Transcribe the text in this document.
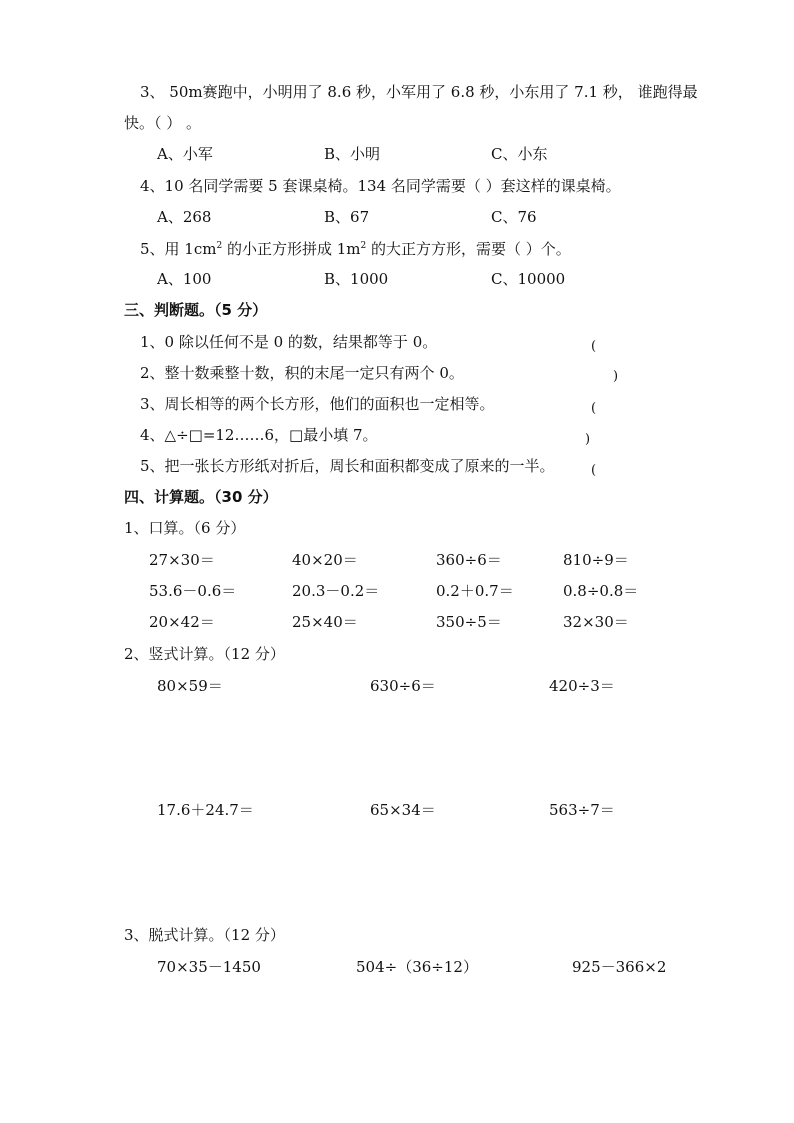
3、 50m赛跑中，小明用了 8.6 秒，小军用了 6.8 秒，小东用了 7.1 秒， 谁跑得最
快。（ ） 。
A、小军	B、小明	C、小东
4、10 名同学需要 5 套课桌椅。134 名同学需要（ ）套这样的课桌椅。
A、268	B、67	C、76
5、用 $1cm^2$ 的小正方形拼成 $1m^2$ 的大正方方形，需要（ ）个。
A、100	B、1000	C、10000
三、判断题。（5 分）
1、0 除以任何不是 0 的数，结果都等于 0。	(
2、整十数乘整十数，积的末尾一定只有两个 0。	)
3、周长相等的两个长方形，他们的面积也一定相等。	(
4、△÷□=12……6，□最小填 7。	)
5、把一张长方形纸对折后，周长和面积都变成了原来的一半。	(
四、计算题。（30 分）
1、口算。（6 分）
27×30＝	40×20＝	360÷6＝	810÷9＝
53.6－0.6＝	20.3－0.2＝	0.2＋0.7＝	0.8÷0.8＝
20×42＝	25×40＝	350÷5＝	32×30＝
2、竖式计算。（12 分）
80×59＝	630÷6＝	420÷3＝
17.6＋24.7＝	65×34＝	563÷7＝
3、脱式计算。（12 分）
70×35－1450	504÷（36÷12）	925－366×2
